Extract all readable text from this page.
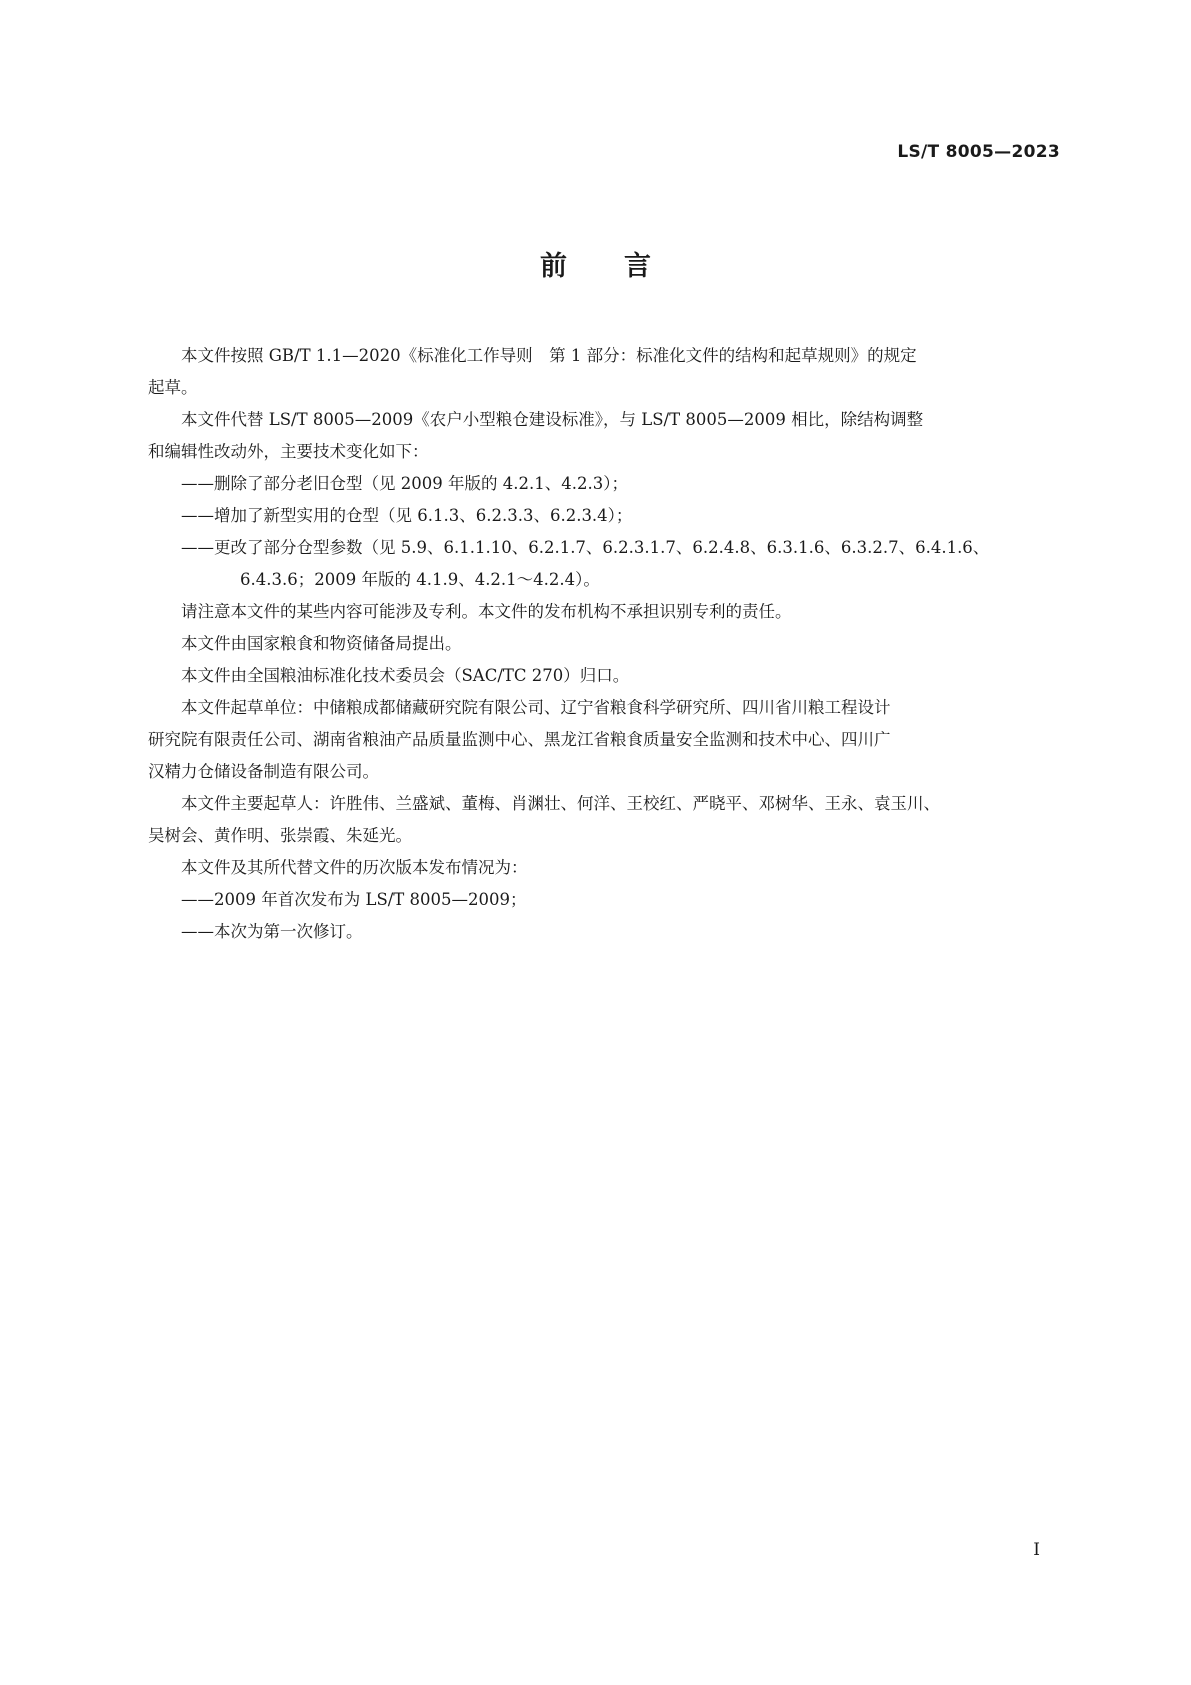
LS/T 8005—2023
前 言
本文件按照 GB/T 1.1—2020《标准化工作导则　第 1 部分：标准化文件的结构和起草规则》的规定
起草。
本文件代替 LS/T 8005—2009《农户小型粮仓建设标准》，与 LS/T 8005—2009 相比，除结构调整
和编辑性改动外，主要技术变化如下：
——删除了部分老旧仓型（见 2009 年版的 4.2.1、4.2.3）；
——增加了新型实用的仓型（见 6.1.3、6.2.3.3、6.2.3.4）；
——更改了部分仓型参数（见 5.9、6.1.1.10、6.2.1.7、6.2.3.1.7、6.2.4.8、6.3.1.6、6.3.2.7、6.4.1.6、
6.4.3.6；2009 年版的 4.1.9、4.2.1～4.2.4）。
请注意本文件的某些内容可能涉及专利。本文件的发布机构不承担识别专利的责任。
本文件由国家粮食和物资储备局提出。
本文件由全国粮油标准化技术委员会（SAC/TC 270）归口。
本文件起草单位：中储粮成都储藏研究院有限公司、辽宁省粮食科学研究所、四川省川粮工程设计
研究院有限责任公司、湖南省粮油产品质量监测中心、黑龙江省粮食质量安全监测和技术中心、四川广
汉精力仓储设备制造有限公司。
本文件主要起草人：许胜伟、兰盛斌、董梅、肖渊壮、何洋、王校红、严晓平、邓树华、王永、袁玉川、
吴树会、黄作明、张崇霞、朱延光。
本文件及其所代替文件的历次版本发布情况为：
——2009 年首次发布为 LS/T 8005—2009；
——本次为第一次修订。
I
